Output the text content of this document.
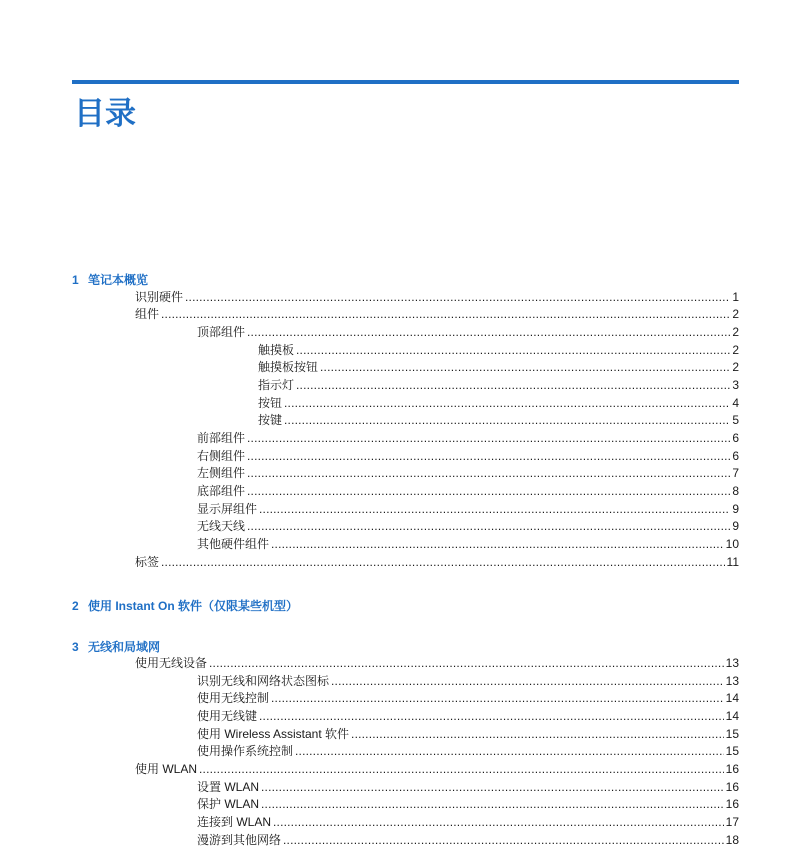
目录
1 笔记本概览
识别硬件 .....	1
组件 .....	2
顶部组件 .....	2
触摸板 .....	2
触摸板按钮 .....	2
指示灯 .....	3
按钮 .....	4
按键 .....	5
前部组件 .....	6
右侧组件 .....	6
左侧组件 .....	7
底部组件 .....	8
显示屏组件 .....	9
无线天线 .....	9
其他硬件组件 .....	10
标签 .....	11
2 使用 Instant On 软件（仅限某些机型）
3 无线和局域网
使用无线设备 .....	13
识别无线和网络状态图标 .....	13
使用无线控制 .....	14
使用无线键 .....	14
使用 Wireless Assistant 软件 .....	15
使用操作系统控制 .....	15
使用 WLAN .....	16
设置 WLAN .....	16
保护 WLAN .....	16
连接到 WLAN .....	17
漫游到其他网络 .....	18
